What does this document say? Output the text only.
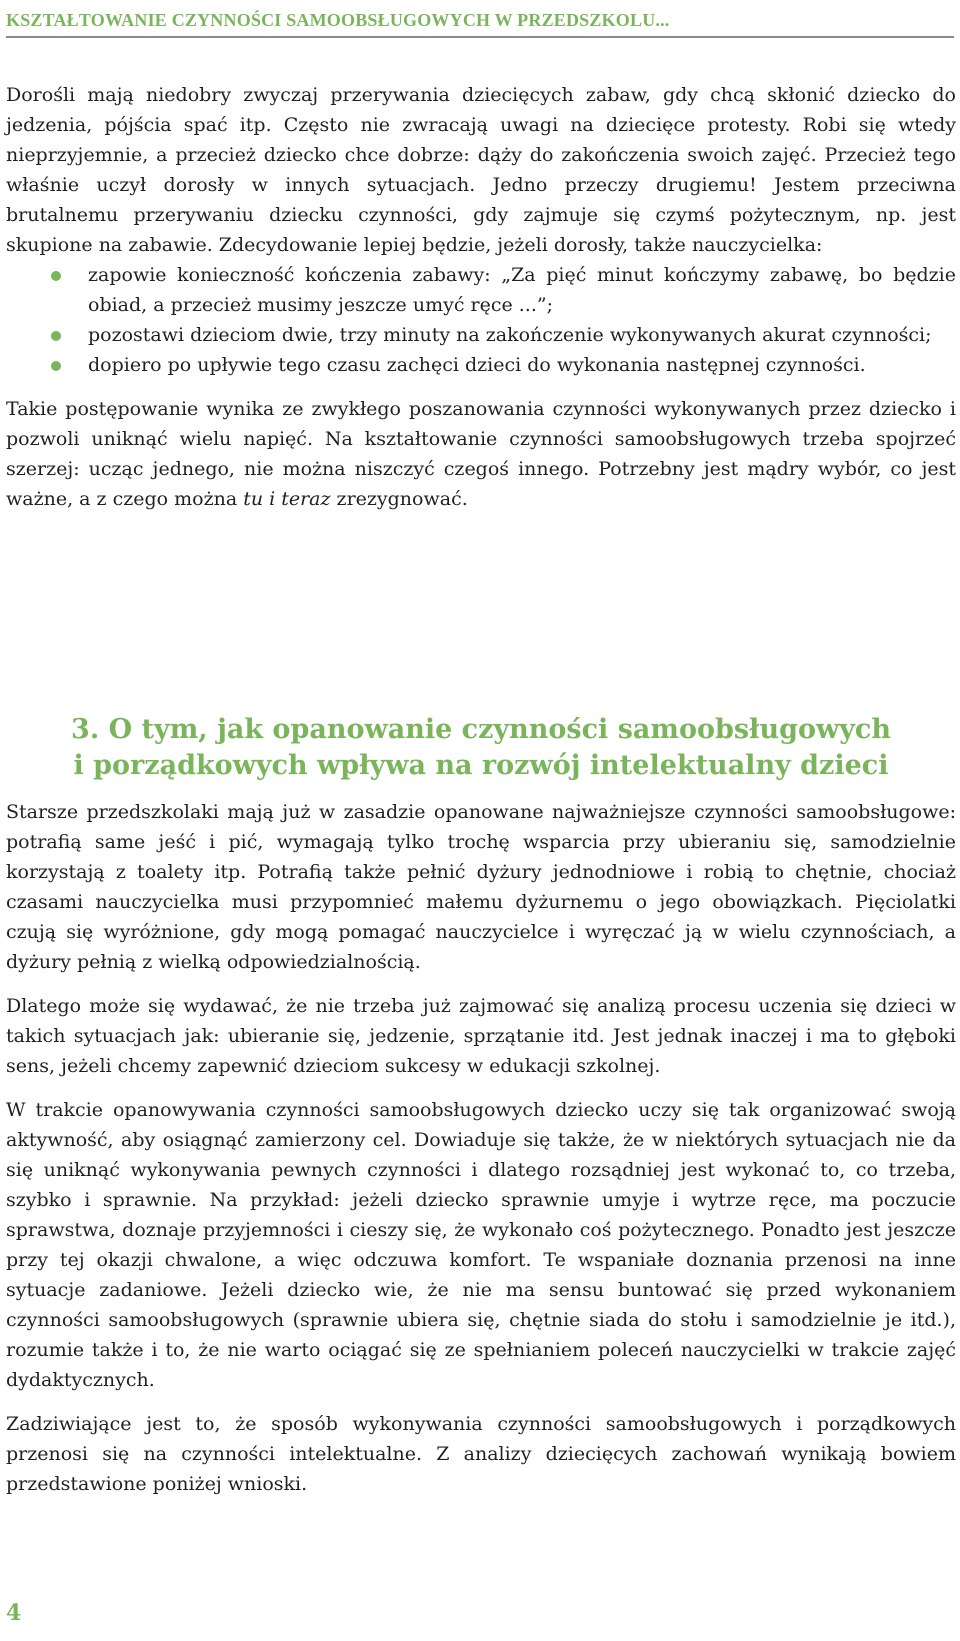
KSZTAŁTOWANIE CZYNNOŚCI SAMOOBSŁUGOWYCH W PRZEDSZKOLU...

Dorośli mają niedobry zwyczaj przerywania dziecięcych zabaw, gdy chcą skłonić dziecko do jedzenia, pójścia spać itp. Często nie zwracają uwagi na dziecięce protesty. Robi się wtedy nieprzyjemnie, a przecież dziecko chce dobrze: dąży do zakończenia swoich zajęć. Przecież tego właśnie uczył dorosły w innych sytuacjach. Jedno przeczy drugiemu! Jestem przeciwna brutalnemu przerywaniu dziecku czynności, gdy zajmuje się czymś pożytecznym, np. jest skupione na zabawie. Zdecydowanie lepiej będzie, jeżeli dorosły, także nauczycielka:

zapowie konieczność kończenia zabawy: „Za pięć minut kończymy zabawę, bo będzie obiad, a przecież musimy jeszcze umyć ręce ...”;
pozostawi dzieciom dwie, trzy minuty na zakończenie wykonywanych akurat czynności;
dopiero po upływie tego czasu zachęci dzieci do wykonania następnej czynności.

Takie postępowanie wynika ze zwykłego poszanowania czynności wykonywanych przez dziecko i pozwoli uniknąć wielu napięć. Na kształtowanie czynności samoobsługowych trzeba spojrzeć szerzej: ucząc jednego, nie można niszczyć czegoś innego. Potrzebny jest mądry wybór, co jest ważne, a z czego można tu i teraz zrezygnować.

3. O tym, jak opanowanie czynności samoobsługowych
i porządkowych wpływa na rozwój intelektualny dzieci

Starsze przedszkolaki mają już w zasadzie opanowane najważniejsze czynności samoobsługowe: potrafią same jeść i pić, wymagają tylko trochę wsparcia przy ubieraniu się, samodzielnie korzystają z toalety itp. Potrafią także pełnić dyżury jednodniowe i robią to chętnie, chociaż czasami nauczycielka musi przypomnieć małemu dyżurnemu o jego obowiązkach. Pięciolatki czują się wyróżnione, gdy mogą pomagać nauczycielce i wyręczać ją w wielu czynnościach, a dyżury pełnią z wielką odpowiedzialnością.

Dlatego może się wydawać, że nie trzeba już zajmować się analizą procesu uczenia się dzieci w takich sytuacjach jak: ubieranie się, jedzenie, sprzątanie itd. Jest jednak inaczej i ma to głęboki sens, jeżeli chcemy zapewnić dzieciom sukcesy w edukacji szkolnej.

W trakcie opanowywania czynności samoobsługowych dziecko uczy się tak organizować swoją aktywność, aby osiągnąć zamierzony cel. Dowiaduje się także, że w niektórych sytuacjach nie da się uniknąć wykonywania pewnych czynności i dlatego rozsądniej jest wykonać to, co trzeba, szybko i sprawnie. Na przykład: jeżeli dziecko sprawnie umyje i wytrze ręce, ma poczucie sprawstwa, doznaje przyjemności i cieszy się, że wykonało coś pożytecznego. Ponadto jest jeszcze przy tej okazji chwalone, a więc odczuwa komfort. Te wspaniałe doznania przenosi na inne sytuacje zadaniowe. Jeżeli dziecko wie, że nie ma sensu buntować się przed wykonaniem czynności samoobsługowych (sprawnie ubiera się, chętnie siada do stołu i samodzielnie je itd.), rozumie także i to, że nie warto ociągać się ze spełnianiem poleceń nauczycielki w trakcie zajęć dydaktycznych.

Zadziwiające jest to, że sposób wykonywania czynności samoobsługowych i porządkowych przenosi się na czynności intelektualne. Z analizy dziecięcych zachowań wynikają bowiem przedstawione poniżej wnioski.

4
